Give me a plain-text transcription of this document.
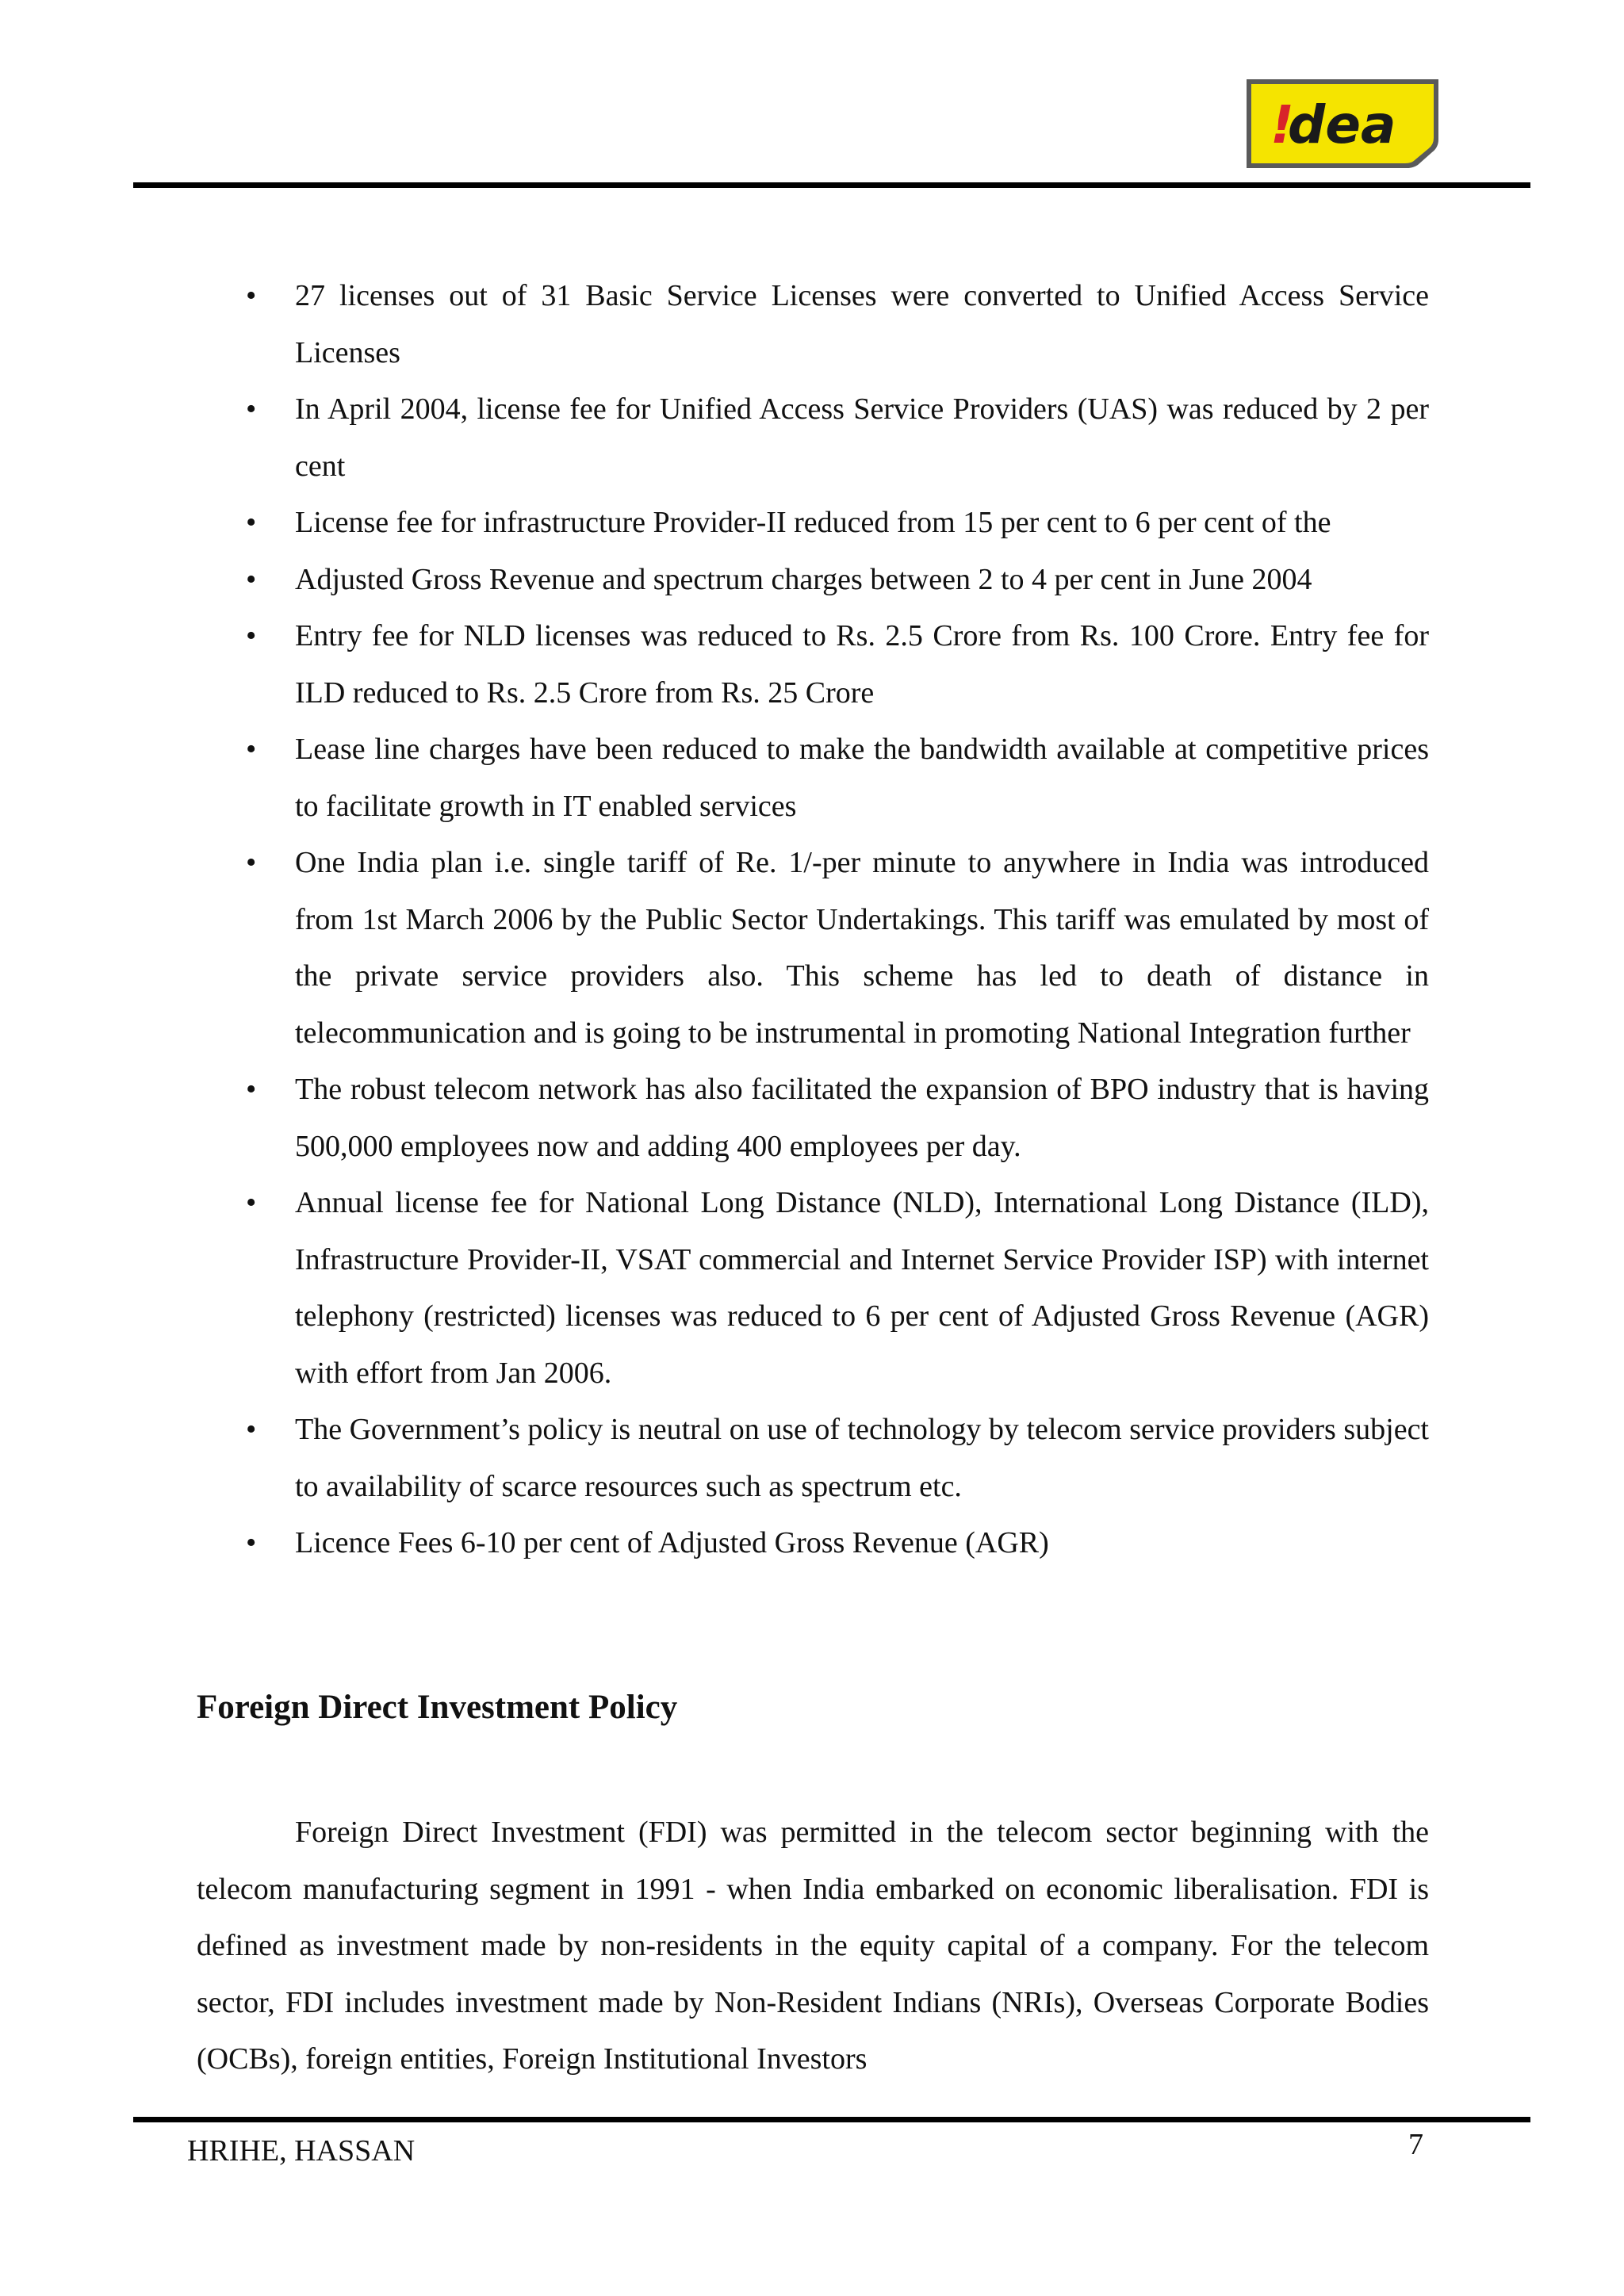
!
dea
• 27 licenses out of 31 Basic Service Licenses were converted to Unified Access Service Licenses
• In April 2004, license fee for Unified Access Service Providers (UAS) was reduced by 2 per cent
• License fee for infrastructure Provider-II reduced from 15 per cent to 6 per cent of the
• Adjusted Gross Revenue and spectrum charges between 2 to 4 per cent in June 2004
• Entry fee for NLD licenses was reduced to Rs. 2.5 Crore from Rs. 100 Crore. Entry fee for ILD reduced to Rs. 2.5 Crore from Rs. 25 Crore
• Lease line charges have been reduced to make the bandwidth available at competitive prices to facilitate growth in IT enabled services
• One India plan i.e. single tariff of Re. 1/-per minute to anywhere in India was introduced from 1st March 2006 by the Public Sector Undertakings. This tariff was emulated by most of the private service providers also. This scheme has led to death of distance in telecommunication and is going to be instrumental in promoting National Integration further
• The robust telecom network has also facilitated the expansion of BPO industry that is having 500,000 employees now and adding 400 employees per day.
• Annual license fee for National Long Distance (NLD), International Long Distance (ILD), Infrastructure Provider-II, VSAT commercial and Internet Service Provider ISP) with internet telephony (restricted) licenses was reduced to 6 per cent of Adjusted Gross Revenue (AGR) with effort from Jan 2006.
• The Government’s policy is neutral on use of technology by telecom service providers subject to availability of scarce resources such as spectrum etc.
• Licence Fees 6-10 per cent of Adjusted Gross Revenue (AGR)
Foreign Direct Investment Policy

Foreign Direct Investment (FDI) was permitted in the telecom sector beginning with the telecom manufacturing segment in 1991 - when India embarked on economic liberalisation. FDI is defined as investment made by non-residents in the equity capital of a company. For the telecom sector, FDI includes investment made by Non-Resident Indians (NRIs), Overseas Corporate Bodies (OCBs), foreign entities, Foreign Institutional Investors

HRIHE, HASSAN	7
